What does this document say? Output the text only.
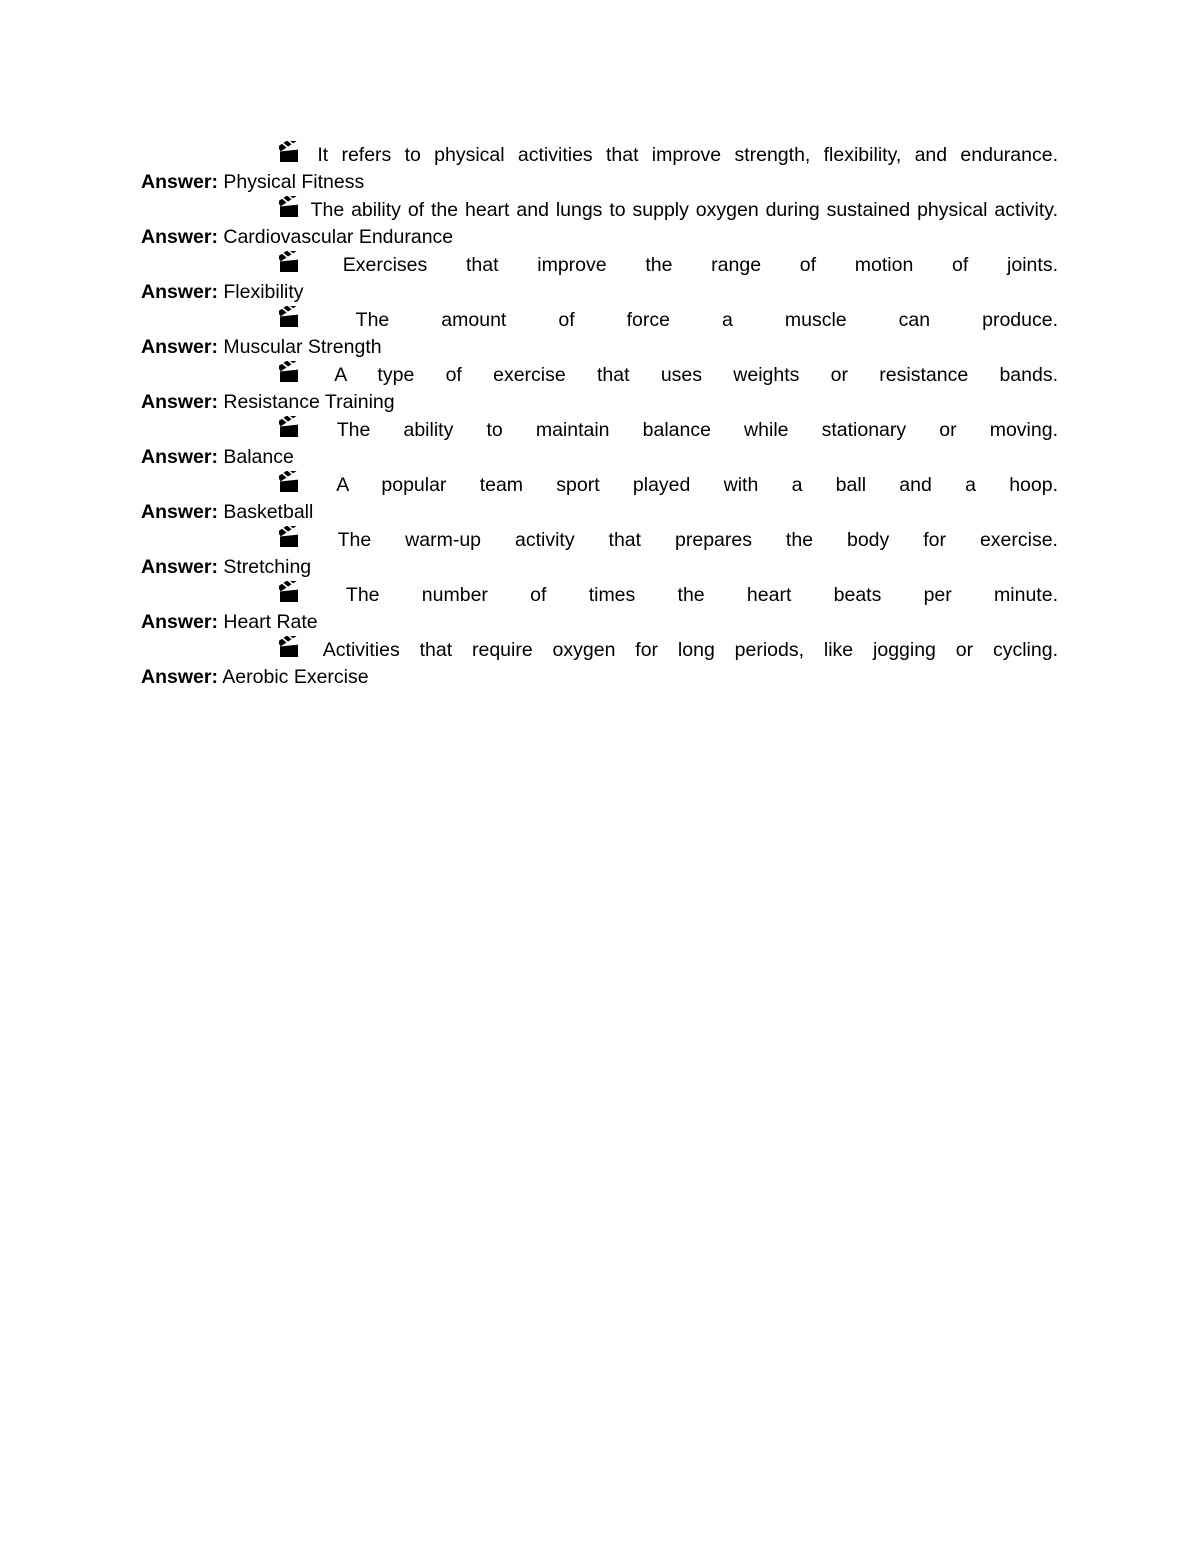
It refers to physical activities that improve strength, flexibility, and endurance.
Answer: Physical Fitness
The ability of the heart and lungs to supply oxygen during sustained physical activity.
Answer: Cardiovascular Endurance
Exercises that improve the range of motion of joints.
Answer: Flexibility
The amount of force a muscle can produce.
Answer: Muscular Strength
A type of exercise that uses weights or resistance bands.
Answer: Resistance Training
The ability to maintain balance while stationary or moving.
Answer: Balance
A popular team sport played with a ball and a hoop.
Answer: Basketball
The warm-up activity that prepares the body for exercise.
Answer: Stretching
The number of times the heart beats per minute.
Answer: Heart Rate
Activities that require oxygen for long periods, like jogging or cycling.
Answer: Aerobic Exercise
